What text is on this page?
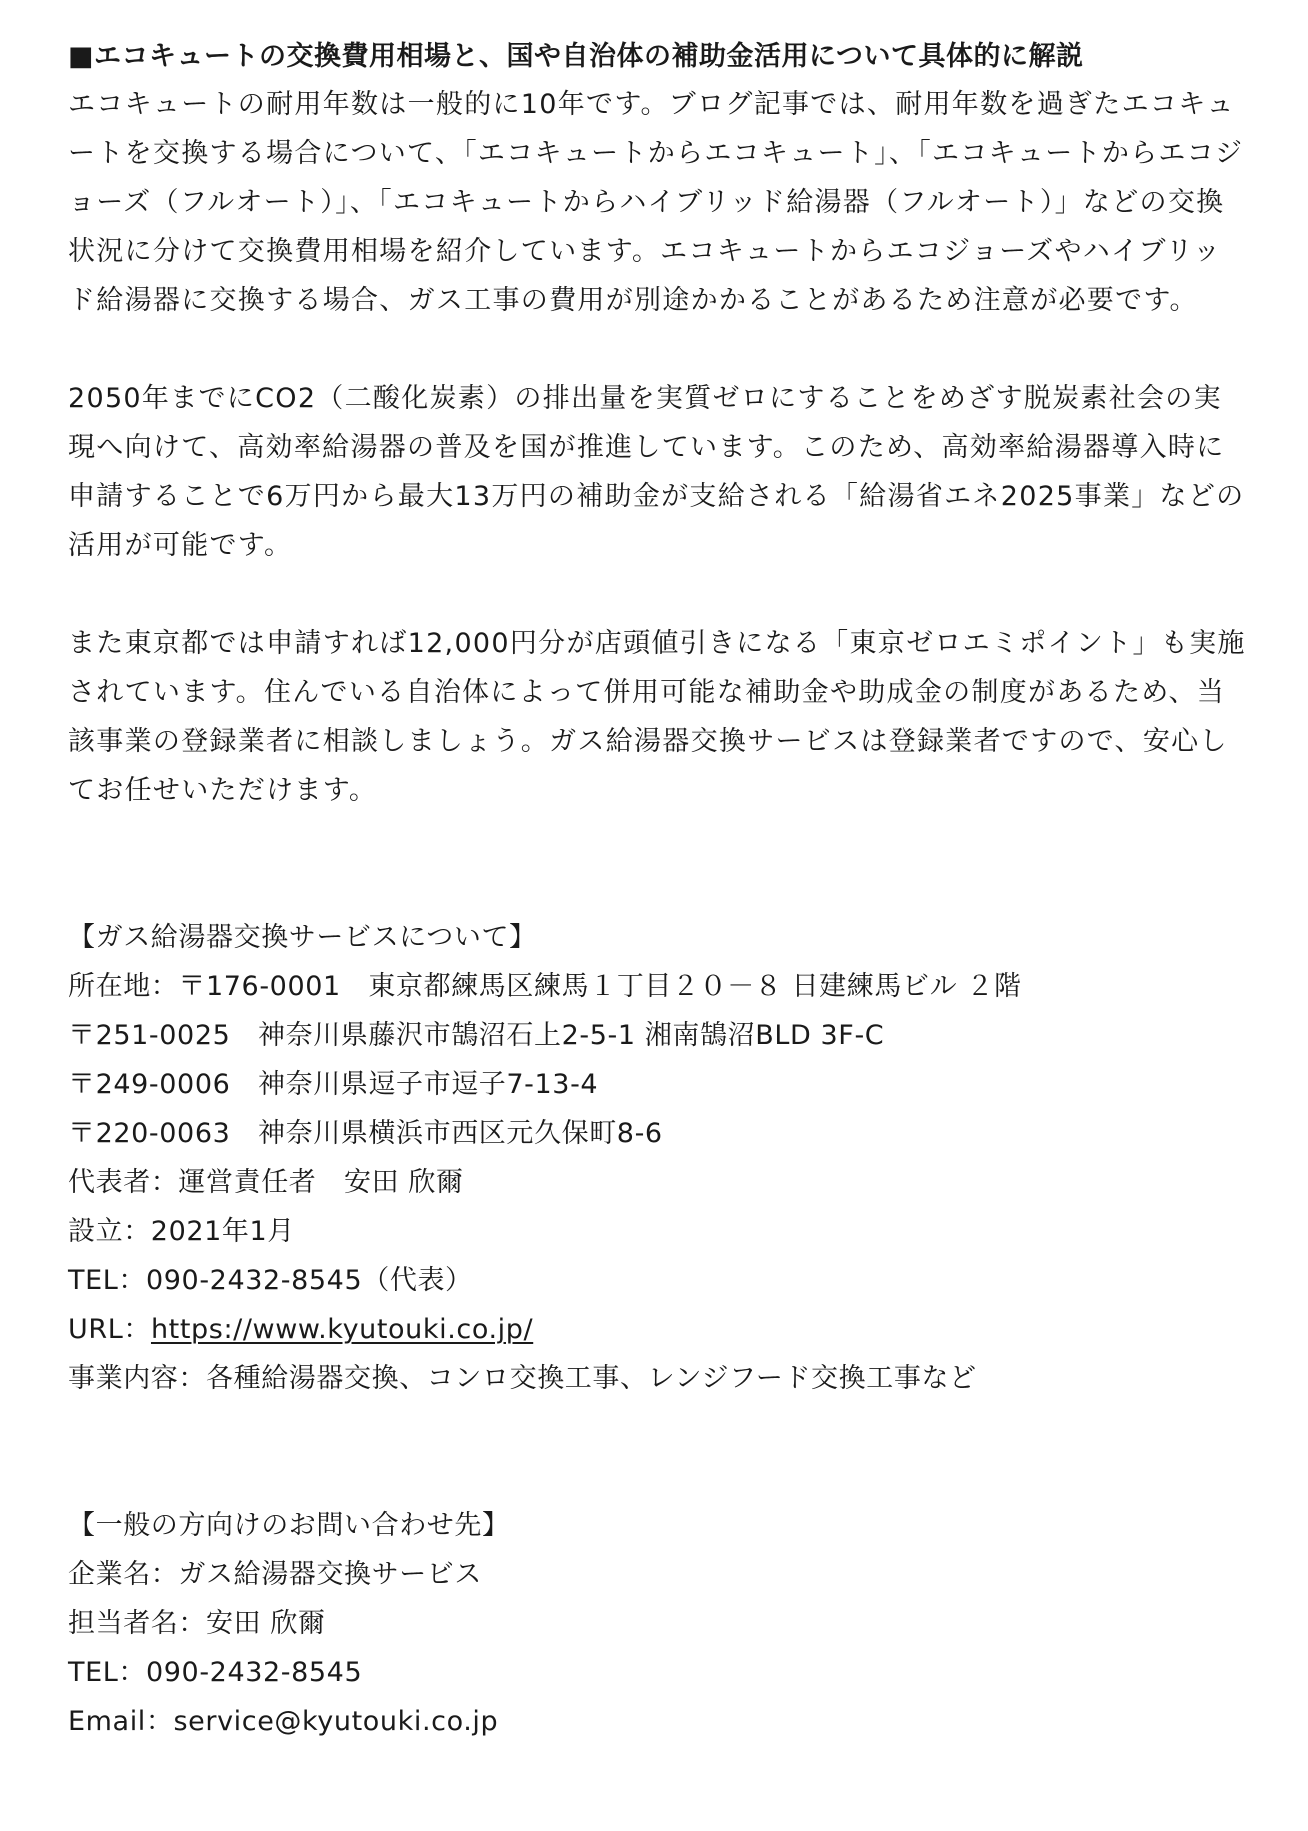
■エコキュートの交換費用相場と、国や自治体の補助金活用について具体的に解説

エコキュートの耐用年数は一般的に10年です。ブログ記事では、耐用年数を過ぎたエコキュートを交換する場合について、「エコキュートからエコキュート」、「エコキュートからエコジョーズ（フルオート）」、「エコキュートからハイブリッド給湯器（フルオート）」などの交換状況に分けて交換費用相場を紹介しています。エコキュートからエコジョーズやハイブリッド給湯器に交換する場合、ガス工事の費用が別途かかることがあるため注意が必要です。

2050年までにCO2（二酸化炭素）の排出量を実質ゼロにすることをめざす脱炭素社会の実現へ向けて、高効率給湯器の普及を国が推進しています。このため、高効率給湯器導入時に申請することで6万円から最大13万円の補助金が支給される「給湯省エネ2025事業」などの活用が可能です。

また東京都では申請すれば12,000円分が店頭値引きになる「東京ゼロエミポイント」も実施されています。住んでいる自治体によって併用可能な補助金や助成金の制度があるため、当該事業の登録業者に相談しましょう。ガス給湯器交換サービスは登録業者ですので、安心してお任せいただけます。

【ガス給湯器交換サービスについて】

所在地：〒176-0001　東京都練馬区練馬１丁目２０－８ 日建練馬ビル ２階

〒251-0025　神奈川県藤沢市鵠沼石上2-5-1 湘南鵠沼BLD 3F-C

〒249-0006　神奈川県逗子市逗子7-13-4

〒220-0063　神奈川県横浜市西区元久保町8-6

代表者：運営責任者　安田 欣爾

設立：2021年1月

TEL：090-2432-8545（代表）

URL：https://www.kyutouki.co.jp/

事業内容：各種給湯器交換、コンロ交換工事、レンジフード交換工事など

【一般の方向けのお問い合わせ先】

企業名：ガス給湯器交換サービス

担当者名：安田 欣爾

TEL：090-2432-8545

Email：service@kyutouki.co.jp
